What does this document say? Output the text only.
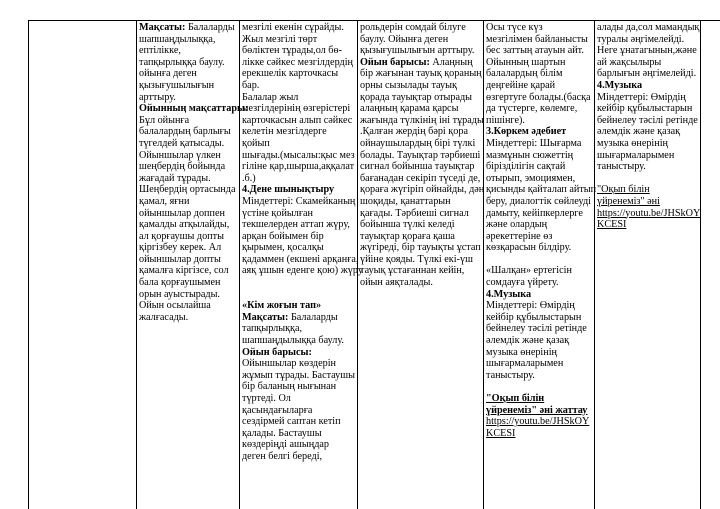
Мақсаты: Балаларды
шапшаңдылыққа,
ептілікке,
тапқырлыққа баулу.
ойынға деген
қызығушылығын
арттыру.
Ойынның мақсаттары:
Бұл ойынға
балалардың барлығы
түгелдей қатысады.
Ойыншылар үлкен
шеңбердің бойында
жағадай тұрады.
Шеңбердің ортасында
қамал, яғни
ойыншылар доппен
қамалды атқылайды,
ал қорғаушы допты
қіргізбеу керек. Ал
ойыншылар допты
қамалға кіргізсе, сол
бала қорғаушымен
орын ауыстырады.
Ойын осылайша
жалғасады.
мезгілі екенін сұрайды.
Жыл мезгілі төрт
бөліктен тұрады,ол бө-
лікке сәйкес мезгілдердің
ерекшелік карточкасы
бар.
Балалар жыл
мезгілдерінің өзгерістері
карточкасын алып сәйкес
келетін мезгілдерге
қойып
шығады.(мысалы:қыс мез
гіліне қар,шырша,аққалат
.б.)
4.Дене шынықтыру
Міндеттері: Скамейканың
үстіне қойылған
текшелерден аттап жүру,
арқан бойымен бір
қырымен, қосалқы
қадаммен (екшені арқанға,
аяқ ұшын еденге қою) жүру
«Кім жоғын тап»
Мақсаты: Балаларды
тапқырлыққа,
шапшаңдылыққа баулу.
Ойын барысы:
Ойыншылар көздерін
жұмып тұрады. Бастаушы
бір баланың нығынан
түртеді. Ол
қасындағыларға
сездірмей саптан кетіп
қалады. Бастаушы
көздеріңді ашыңдар
деген белгі береді,
рольдерін сомдай білуге
баулу. Ойынға деген
қызығушылығын арттыру.
Ойын барысы: Алаңның
бір жағынан тауық қораның
орны сызылады тауық
қорада тауықтар отырады
алаңның қарама қарсы
жағында түлкінің іні тұрады
.Қалған жердің бәрі қора
ойнаушылардың бірі түлкі
болады. Тауықтар тәрбиеші
сигнал бойынша тауықтар
бағанадан секіріп түседі де,
қораға жүгіріп ойнайды, дән
шоқиды, қанаттарын
қағады. Тәрбиеші сигнал
бойынша түлкі келеді
тауықтар қораға қаша
жүгіреді, бір тауықты ұстап
үйіне қояды. Түлкі екі-үш
тауық ұстағаннан кейін,
ойын аяқталады.
Осы түсе күз
мезгілімен байланысты
бес заттың атауын айт.
Ойынның шартын
балалардың білім
деңгейіне қарай
өзгертуге болады.(басқа
да түстерге, көлемге,
пішінге).
3.Көркем әдебиет
Міндеттері: Шығарма
мазмұнын сюжеттің
бірізділігін сақтай
отырып, эмоциямен,
қисынды қайталап айтып
беру, диалогтік сөйлеуді
дамыту, кейіпкерлерге
және олардың
әрекеттеріне өз
көзқарасын білдіру.
«Шалқан» ертегісін
сомдауға үйрету.
4.Музыка
Міндеттері: Өмірдің
кейбір құбылыстарын
бейнелеу тәсілі ретінде
әлемдік және қазақ
музыка өнерінің
шығармаларымен
таныстыру.
"Оқып білін
үйренеміз" әні жаттау
https://youtu.be/JHSkOY
KCESI
алады да,сол мамандық
туралы әңгімелейді.
Неге ұнатагынын,және
ай жақсылыры
барлығын әңгімелейді.
4.Музыка
Міндеттері: Өмірдің
кейбір құбылыстарын
бейнелеу тәсілі ретінде
әлемдік және қазақ
музыка өнерінің
шығармаларымен
таныстыру.
"Оқып білін
үйренеміз" әні
https://youtu.be/JHSkOY
KCESI
